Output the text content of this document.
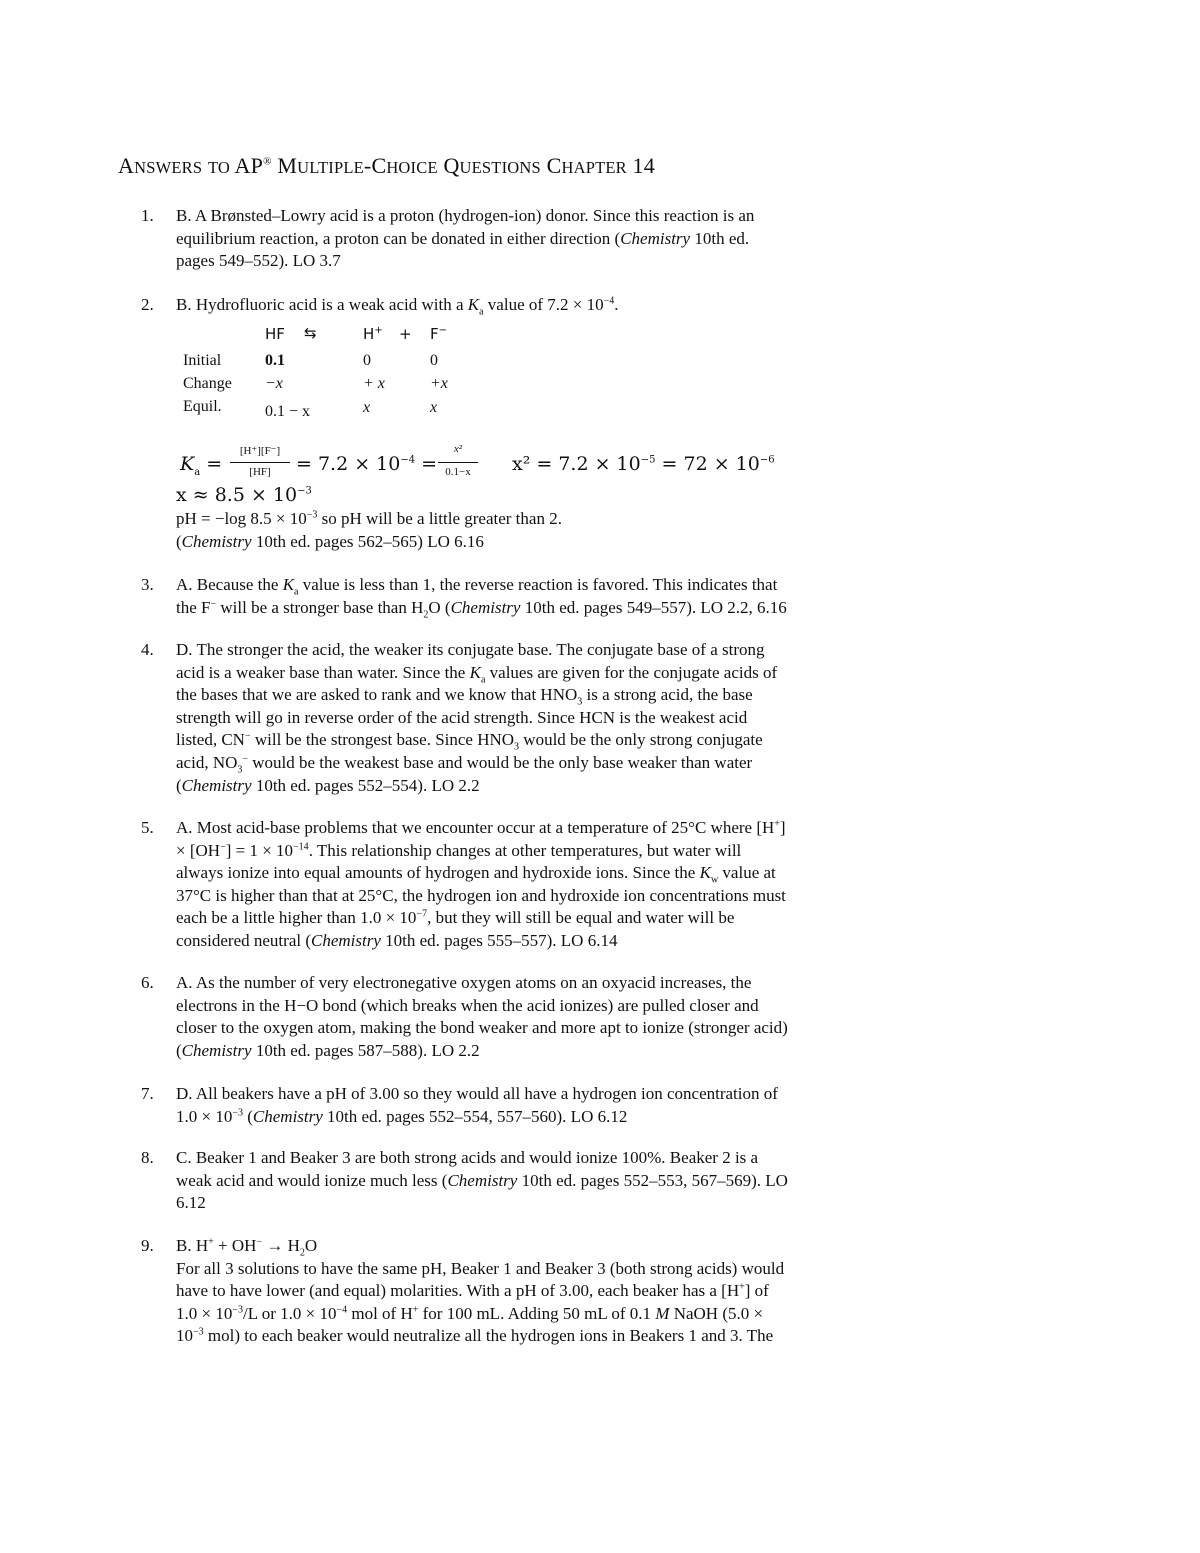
ANSWERS TO AP® MULTIPLE-CHOICE QUESTIONS CHAPTER 14
1. B. A Brønsted–Lowry acid is a proton (hydrogen-ion) donor. Since this reaction is an
equilibrium reaction, a proton can be donated in either direction (Chemistry 10th ed.
pages 549–552). LO 3.7
2. B. Hydrofluoric acid is a weak acid with a $K_a$ value of $7.2 \times 10^{-4}$.
HF ⇆	H+ + F−
Initial	0.1	0	0
Change −x	+ x	+x
Equil.	0.1 − x	x	x
$K_a$ =
[H⁺][F⁻]
[HF]	= $7.2 \times 10^{-4}$ =
x²
0.1−x	$x^2 = 7.2 \times 10^{-5} = 72 \times 10^{-6}$
$x \approx 8.5 \times 10^{-3}$
pH = −log $8.5 \times 10^{-3}$ so pH will be a little greater than 2.
(Chemistry 10th ed. pages 562–565) LO 6.16
3. A. Because the $K_a$ value is less than 1, the reverse reaction is favored. This indicates that
the F− will be a stronger base than $H_2O$ (Chemistry 10th ed. pages 549–557). LO 2.2, 6.16
4. D. The stronger the acid, the weaker its conjugate base. The conjugate base of a strong
acid is a weaker base than water. Since the $K_a$ values are given for the conjugate acids of
the bases that we are asked to rank and we know that $HNO_3$ is a strong acid, the base
strength will go in reverse order of the acid strength. Since HCN is the weakest acid
listed, CN− will be the strongest base. Since $HNO_3$ would be the only strong conjugate
acid, $NO_3^-$ would be the weakest base and would be the only base weaker than water
(Chemistry 10th ed. pages 552–554). LO 2.2
5. A. Most acid-base problems that we encounter occur at a temperature of 25°C where [H+]
× $[OH^-] = 1 \times 10^{-14}$. This relationship changes at other temperatures, but water will
always ionize into equal amounts of hydrogen and hydroxide ions. Since the $K_w$ value at
37°C is higher than that at 25°C, the hydrogen ion and hydroxide ion concentrations must
each be a little higher than $1.0 \times 10^{-7}$, but they will still be equal and water will be
considered neutral (Chemistry 10th ed. pages 555–557). LO 6.14
6. A. As the number of very electronegative oxygen atoms on an oxyacid increases, the
electrons in the H−O bond (which breaks when the acid ionizes) are pulled closer and
closer to the oxygen atom, making the bond weaker and more apt to ionize (stronger acid)
(Chemistry 10th ed. pages 587–588). LO 2.2
7. D. All beakers have a pH of 3.00 so they would all have a hydrogen ion concentration of
$1.0 \times 10^{-3}$ (Chemistry 10th ed. pages 552–554, 557–560). LO 6.12
8. C. Beaker 1 and Beaker 3 are both strong acids and would ionize 100%. Beaker 2 is a
weak acid and would ionize much less (Chemistry 10th ed. pages 552–553, 567–569). LO
6.12
9. B. $H^+ + OH^- \to H_2O$
For all 3 solutions to have the same pH, Beaker 1 and Beaker 3 (both strong acids) would
have to have lower (and equal) molarities. With a pH of 3.00, each beaker has a [H+] of
$1.0 \times 10^{-3}/L$ or $1.0 \times 10^{-4}$ mol of H+ for 100 mL. Adding 50 mL of 0.1 M NaOH (5.0 ×
$10^{-3}$ mol) to each beaker would neutralize all the hydrogen ions in Beakers 1 and 3. The
